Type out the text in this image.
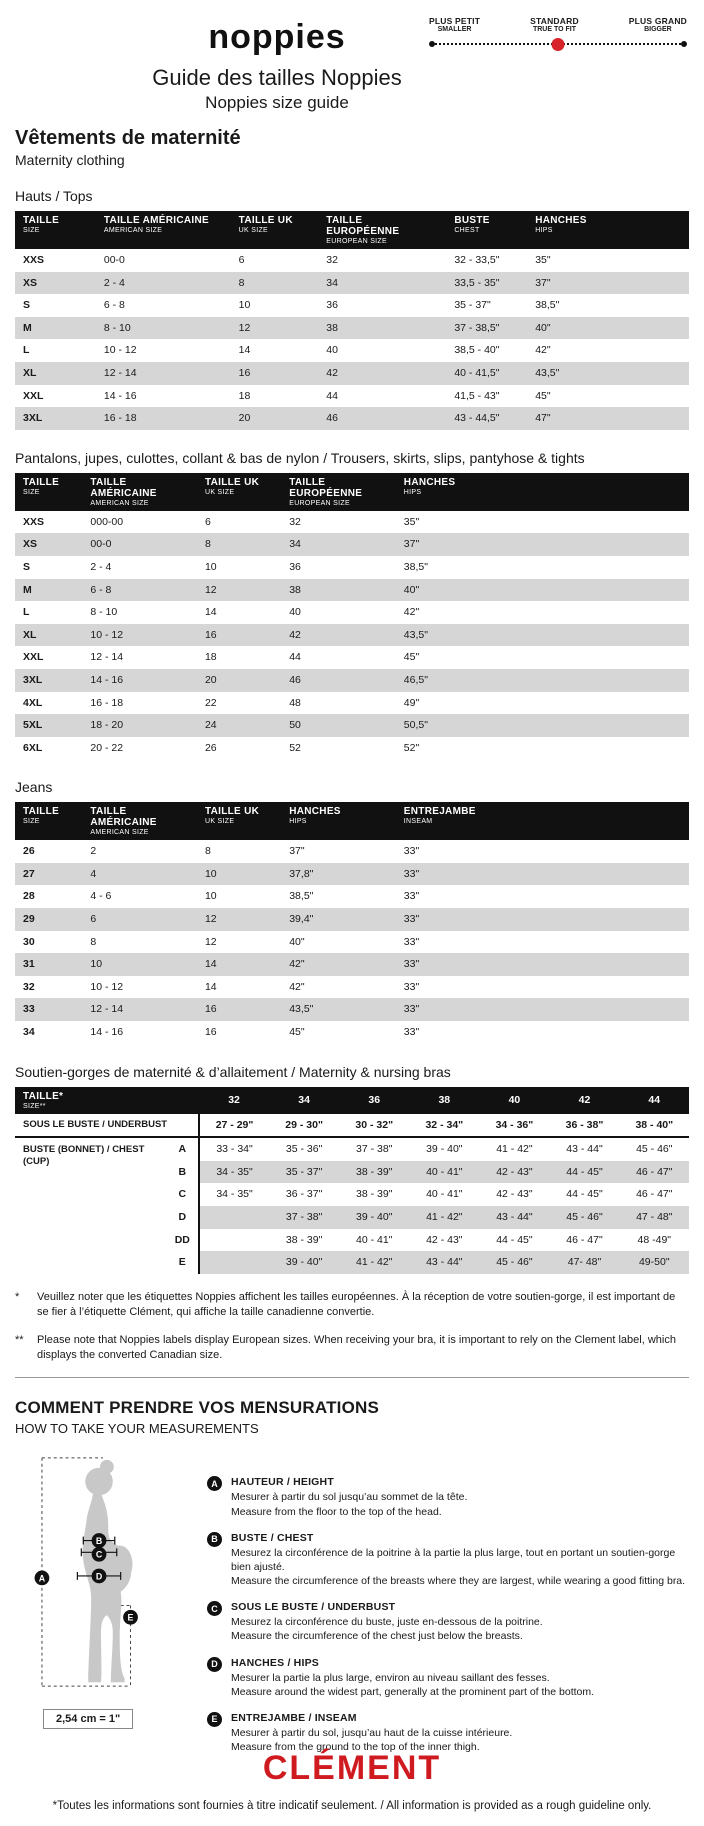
noppies
Guide des tailles Noppies
Noppies size guide
PLUS PETIT
SMALLER
STANDARD
TRUE TO FIT
PLUS GRAND
BIGGER
Vêtements de maternité
Maternity clothing
Hauts / Tops
TAILLE
SIZE

TAILLE AMÉRICAINE
AMERICAN SIZE

TAILLE UK
UK SIZE

TAILLE EUROPÉENNE
EUROPEAN SIZE

BUSTE
CHEST

HANCHES
HIPS

XXS	00-0	6	32	32 - 33,5"	35"
XS	2 - 4	8	34	33,5 - 35"	37"
S	6 - 8	10	36	35 - 37"	38,5"
M	8 - 10	12	38	37 - 38,5"	40"
L	10 - 12	14	40	38,5 - 40"	42"
XL	12 - 14	16	42	40 - 41,5"	43,5"
XXL	14 - 16	18	44	41,5 - 43"	45"
3XL	16 - 18	20	46	43 - 44,5"	47"
Pantalons, jupes, culottes, collant & bas de nylon / Trousers, skirts, slips, pantyhose & tights
TAILLE
SIZE

TAILLE AMÉRICAINE
AMERICAN SIZE

TAILLE UK
UK SIZE

TAILLE EUROPÉENNE
EUROPEAN SIZE

HANCHES
HIPS

XXS	000-00	6	32	35"
XS	00-0	8	34	37"
S	2 - 4	10	36	38,5"
M	6 - 8	12	38	40"
L	8 - 10	14	40	42"
XL	10 - 12	16	42	43,5"
XXL	12 - 14	18	44	45"
3XL	14 - 16	20	46	46,5"
4XL	16 - 18	22	48	49"
5XL	18 - 20	24	50	50,5"
6XL	20 - 22	26	52	52"
Jeans
TAILLE
SIZE

TAILLE AMÉRICAINE
AMERICAN SIZE

TAILLE UK
UK SIZE

HANCHES
HIPS

ENTREJAMBE
INSEAM

26	2	8	37"	33"
27	4	10	37,8"	33"
28	4 - 6	10	38,5"	33"
29	6	12	39,4"	33"
30	8	12	40"	33"
31	10	14	42"	33"
32	10 - 12	14	42"	33"
33	12 - 14	16	43,5"	33"
34	14 - 16	16	45"	33"
Soutien-gorges de maternité & d’allaitement / Maternity & nursing bras
TAILLE*
SIZE**		32	34	36	38	40	42	44
SOUS LE BUSTE / UNDERBUST		27 - 29"	29 - 30"	30 - 32"	32 - 34"	34 - 36"	36 - 38"	38 - 40"
BUSTE (BONNET) / CHEST (CUP)	A	33 - 34"	35 - 36"	37 - 38"	39 - 40"	41 - 42"	43 - 44"	45 - 46"
	B	34 - 35"	35 - 37"	38 - 39"	40 - 41"	42 - 43"	44 - 45"	46 - 47"
	C	34 - 35"	36 - 37"	38 - 39"	40 - 41"	42 - 43"	44 - 45"	46 - 47"
	D		37 - 38"	39 - 40"	41 - 42"	43 - 44"	45 - 46"	47 - 48"
	DD		38 - 39"	40 - 41"	42 - 43"	44 - 45"	46 - 47"	48 -49"
	E		39 - 40"	41 - 42"	43 - 44"	45 - 46"	47- 48"	49-50"
*	Veuillez noter que les étiquettes Noppies affichent les tailles européennes. À la réception de votre soutien-gorge, il est important de se fier à l’étiquette Clément, qui affiche la taille canadienne convertie.
**	Please note that Noppies labels display European sizes. When receiving your bra, it is important to rely on the Clement label, which displays the converted Canadian size.
COMMENT PRENDRE VOS MENSURATIONS
HOW TO TAKE YOUR MEASUREMENTS
A
B
C
D
E
2,54 cm = 1"
A	HAUTEUR / HEIGHT
Mesurer à partir du sol jusqu’au sommet de la tête.
Measure from the floor to the top of the head.
B	BUSTE / CHEST
Mesurez la circonférence de la poitrine à la partie la plus large, tout en portant un soutien-gorge bien ajusté.
Measure the circumference of the breasts where they are largest, while wearing a good fitting bra.
C	SOUS LE BUSTE / UNDERBUST
Mesurez la circonférence du buste, juste en-dessous de la poitrine.
Measure the circumference of the chest just below the breasts.
D	HANCHES / HIPS
Mesurer la partie la plus large, environ au niveau saillant des fesses.
Measure around the widest part, generally at the prominent part of the bottom.
E	ENTREJAMBE / INSEAM
Mesurer à partir du sol, jusqu’au haut de la cuisse intérieure.
Measure from the ground to the top of the inner thigh.
CLÉMENT
*Toutes les informations sont fournies à titre indicatif seulement. / All information is provided as a rough guideline only.
